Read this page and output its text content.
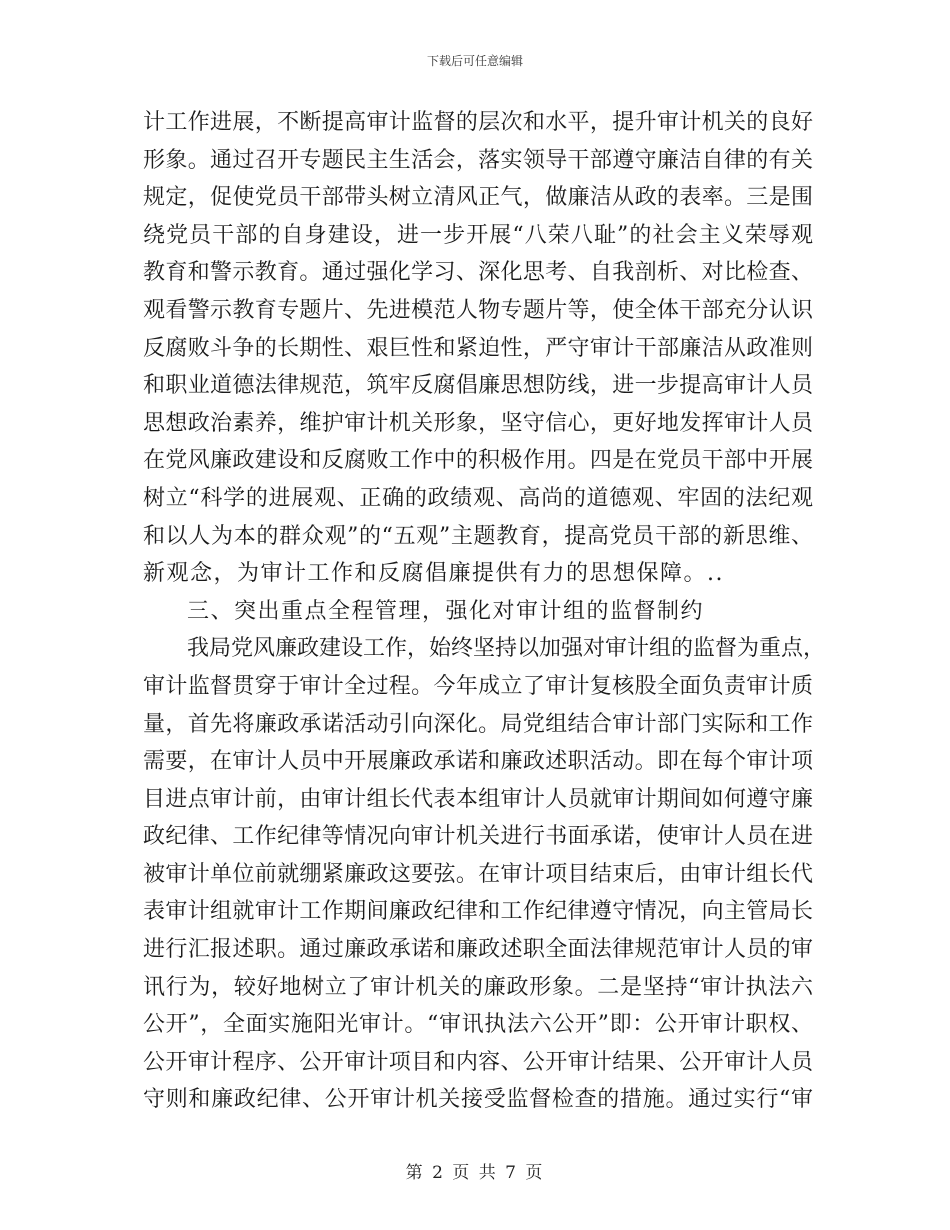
下载后可任意编辑
计工作进展，不断提高审计监督的层次和水平，提升审计机关的良好
形象。通过召开专题民主生活会，落实领导干部遵守廉洁自律的有关
规定，促使党员干部带头树立清风正气，做廉洁从政的表率。三是围
绕党员干部的自身建设，进一步开展“八荣八耻”的社会主义荣辱观
教育和警示教育。通过强化学习、深化思考、自我剖析、对比检查、
观看警示教育专题片、先进模范人物专题片等，使全体干部充分认识
反腐败斗争的长期性、艰巨性和紧迫性，严守审计干部廉洁从政准则
和职业道德法律规范，筑牢反腐倡廉思想防线，进一步提高审计人员
思想政治素养，维护审计机关形象，坚守信心，更好地发挥审计人员
在党风廉政建设和反腐败工作中的积极作用。四是在党员干部中开展
树立“科学的进展观、正确的政绩观、高尚的道德观、牢固的法纪观
和以人为本的群众观”的“五观”主题教育，提高党员干部的新思维、
新观念，为审计工作和反腐倡廉提供有力的思想保障。..
三、突出重点全程管理，强化对审计组的监督制约
我局党风廉政建设工作，始终坚持以加强对审计组的监督为重点，
审计监督贯穿于审计全过程。今年成立了审计复核股全面负责审计质
量，首先将廉政承诺活动引向深化。局党组结合审计部门实际和工作
需要，在审计人员中开展廉政承诺和廉政述职活动。即在每个审计项
目进点审计前，由审计组长代表本组审计人员就审计期间如何遵守廉
政纪律、工作纪律等情况向审计机关进行书面承诺，使审计人员在进
被审计单位前就绷紧廉政这要弦。在审计项目结束后，由审计组长代
表审计组就审计工作期间廉政纪律和工作纪律遵守情况，向主管局长
进行汇报述职。通过廉政承诺和廉政述职全面法律规范审计人员的审
讯行为，较好地树立了审计机关的廉政形象。二是坚持“审计执法六
公开”，全面实施阳光审计。“审讯执法六公开”即：公开审计职权、
公开审计程序、公开审计项目和内容、公开审计结果、公开审计人员
守则和廉政纪律、公开审计机关接受监督检查的措施。通过实行“审
第 2 页 共 7 页
